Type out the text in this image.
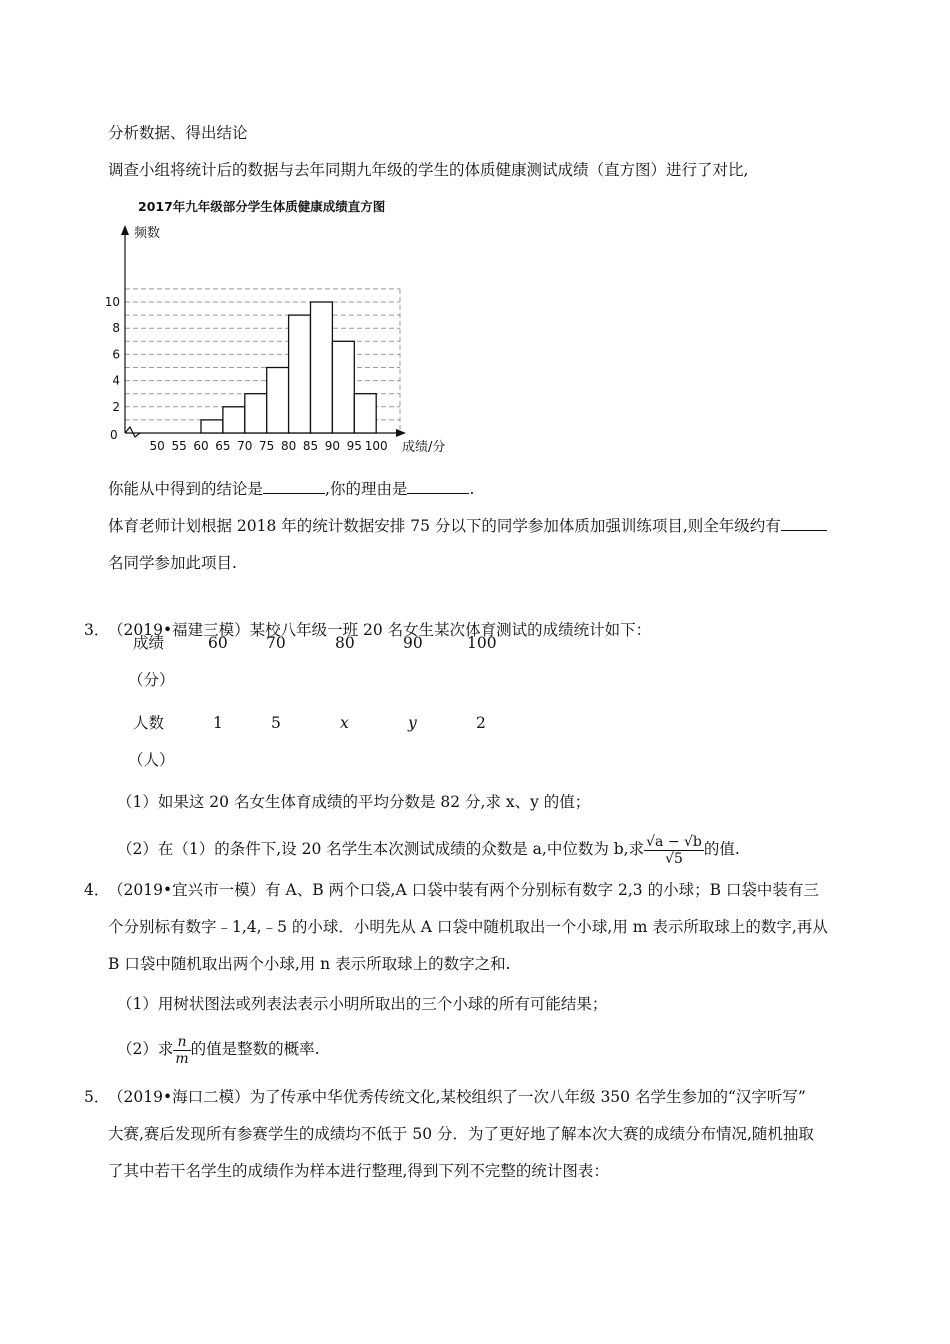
分析数据、得出结论
调查小组将统计后的数据与去年同期九年级的学生的体质健康测试成绩（直方图）进行了对比,
2017年九年级部分学生体质健康成绩直方图
0
2
4
6
8
10
50 55 60 65 70 75 80 85 90 95 100
频数
成绩/分
你能从中得到的结论是	,你的理由是	.
体育老师计划根据 2018 年的统计数据安排 75 分以下的同学参加体质加强训练项目,则全年级约有
名同学参加此项目.
3．
（2019•福建三模）某校八年级一班 20 名女生某次体育测试的成绩统计如下：
成绩	60 70	80	90	100
（分）
人数	1	5	x	y	2
（人）
（1）如果这 20 名女生体育成绩的平均分数是 82 分,求 x、y 的值；
（2）在（1）的条件下,设 20 名学生本次测试成绩的众数是 a,中位数为 b,求 $\frac{√a - √b}{√5}$ 的值.
4．
（2019•宜兴市一模）有 A、B 两个口袋,A 口袋中装有两个分别标有数字 2,3 的小球；B 口袋中装有三
个分别标有数字﹣1,4,﹣5 的小球．小明先从 A 口袋中随机取出一个小球,用 m 表示所取球上的数字,再从
B 口袋中随机取出两个小球,用 n 表示所取球上的数字之和.
（1）用树状图法或列表法表示小明所取出的三个小球的所有可能结果；
（2）求 $\frac{n}{m}$ 的值是整数的概率.
5．
（2019•海口二模）为了传承中华优秀传统文化,某校组织了一次八年级 350 名学生参加的“汉字听写”
大赛,赛后发现所有参赛学生的成绩均不低于 50 分．为了更好地了解本次大赛的成绩分布情况,随机抽取
了其中若干名学生的成绩作为样本进行整理,得到下列不完整的统计图表：
